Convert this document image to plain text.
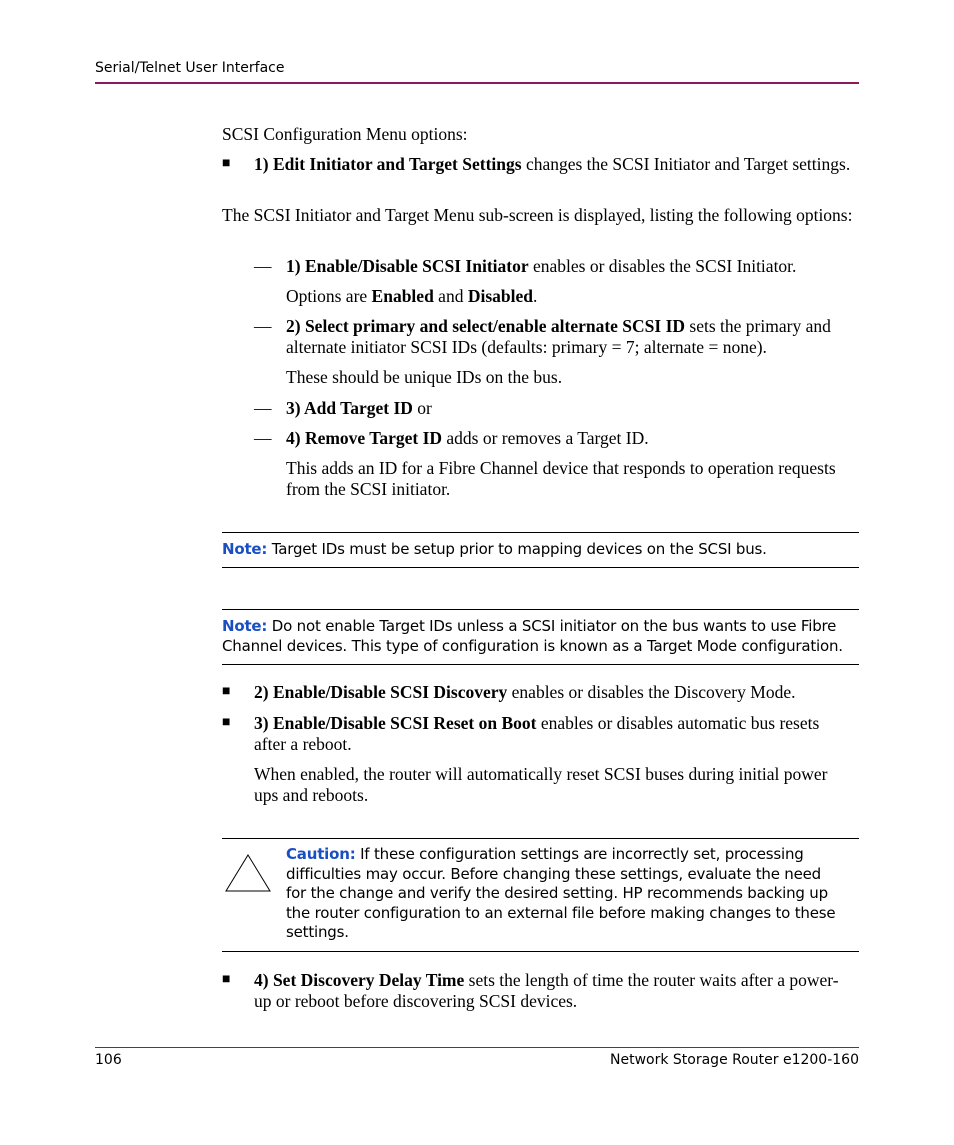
Serial/Telnet User Interface
SCSI Configuration Menu options:
■ 1) Edit Initiator and Target Settings changes the SCSI Initiator and Target settings.
The SCSI Initiator and Target Menu sub-screen is displayed, listing the following options:
— 1) Enable/Disable SCSI Initiator enables or disables the SCSI Initiator.
Options are Enabled and Disabled.
— 2) Select primary and select/enable alternate SCSI ID sets the primary and alternate initiator SCSI IDs (defaults: primary = 7; alternate = none).
These should be unique IDs on the bus.
— 3) Add Target ID or
— 4) Remove Target ID adds or removes a Target ID.
This adds an ID for a Fibre Channel device that responds to operation requests from the SCSI initiator.
Note: Target IDs must be setup prior to mapping devices on the SCSI bus.
Note: Do not enable Target IDs unless a SCSI initiator on the bus wants to use Fibre Channel devices. This type of configuration is known as a Target Mode configuration.
■ 2) Enable/Disable SCSI Discovery enables or disables the Discovery Mode.
■ 3) Enable/Disable SCSI Reset on Boot enables or disables automatic bus resets after a reboot.
When enabled, the router will automatically reset SCSI buses during initial power ups and reboots.
Caution: If these configuration settings are incorrectly set, processing difficulties may occur. Before changing these settings, evaluate the need for the change and verify the desired setting. HP recommends backing up the router configuration to an external file before making changes to these settings.
■ 4) Set Discovery Delay Time sets the length of time the router waits after a power-up or reboot before discovering SCSI devices.
106	Network Storage Router e1200-160
